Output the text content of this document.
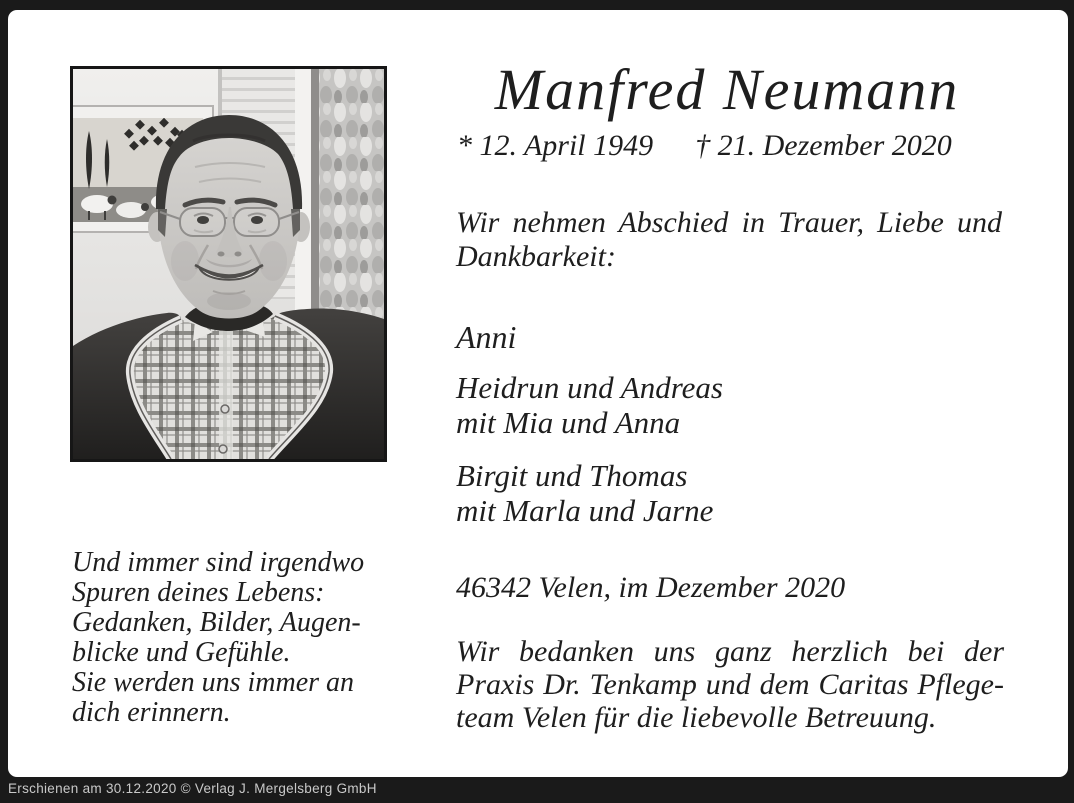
Manfred Neumann
* 12. April 1949 † 21. Dezember 2020
Wir nehmen Abschied in Trauer, Liebe und
Dankbarkeit:
Anni
Heidrun und Andreas
mit Mia und Anna
Birgit und Thomas
mit Marla und Jarne
46342 Velen, im Dezember 2020
Wir bedanken uns ganz herzlich bei der
Praxis Dr. Tenkamp und dem Caritas Pflege-
team Velen für die liebevolle Betreuung.
Und immer sind irgendwo
Spuren deines Lebens:
Gedanken, Bilder, Augen-
blicke und Gefühle.
Sie werden uns immer an
dich erinnern.
Erschienen am 30.12.2020 © Verlag J. Mergelsberg GmbH
